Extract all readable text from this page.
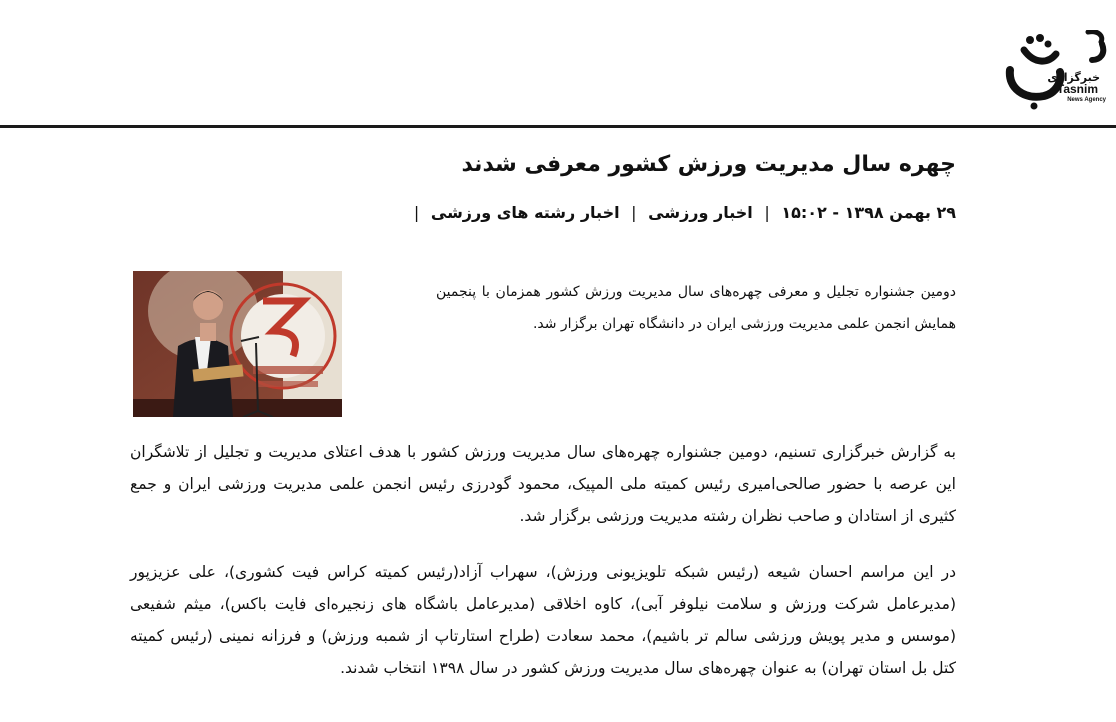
خبرگزاری
Tasnim
News Agency
چهره سال مدیریت ورزش کشور معرفی شدند
۲۹ بهمن ۱۳۹۸ - ۱۵:۰۲ | اخبار ورزشی | اخبار رشته های ورزشی |

دومین جشنواره تجلیل و معرفی چهره‌های سال مدیریت ورزش کشور همزمان با پنجمین همایش انجمن علمی مدیریت ورزشی ایران در دانشگاه تهران برگزار شد.

به گزارش خبرگزاری تسنیم، دومین جشنواره چهره‌های سال مدیریت ورزش کشور با هدف اعتلای مدیریت و تجلیل از تلاشگران این عرصه با حضور صالحی‌امیری رئیس کمیته ملی المپیک، محمود گودرزی رئیس انجمن علمی مدیریت ورزشی ایران و جمع کثیری از استادان و صاحب نظران رشته مدیریت ورزشی برگزار شد.

در این مراسم احسان شیعه (رئیس شبکه تلویزیونی ورزش)، سهراب آزاد(رئیس کمیته کراس فیت کشوری)، علی عزیزپور (مدیرعامل شرکت ورزش و سلامت نیلوفر آبی)، کاوه اخلاقی (مدیرعامل باشگاه های زنجیره‌ای فایت باکس)، میثم شفیعی (موسس و مدیر پویش ورزشی سالم تر باشیم)، محمد سعادت (طراح استارتاپ از شمبه ورزش) و فرزانه نمینی (رئیس کمیته کتل بل استان تهران) به عنوان چهره‌های سال مدیریت ورزش کشور در سال ۱۳۹۸ انتخاب شدند.
